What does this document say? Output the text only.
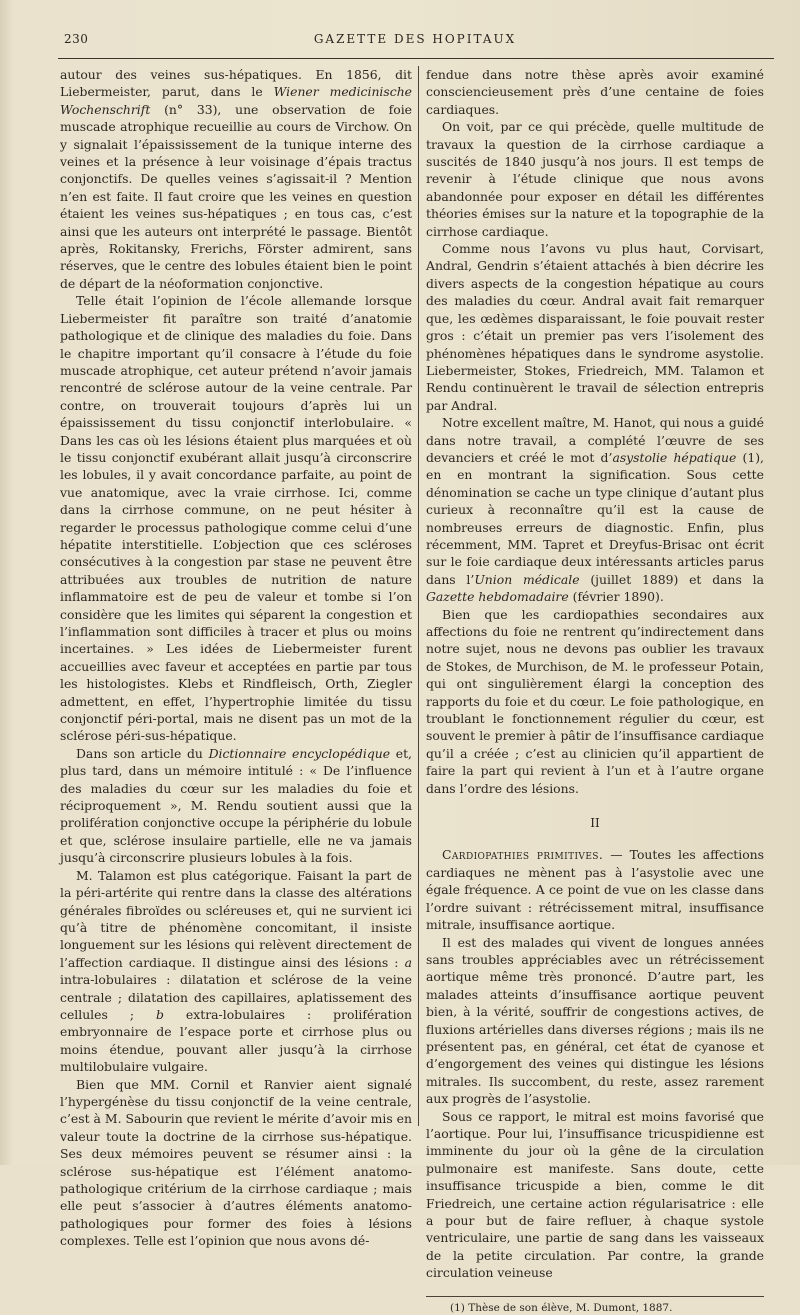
230	GAZETTE DES HOPITAUX

autour des veines sus-hépatiques. En 1856, dit Liebermeister, parut, dans le Wiener medicinische Wochenschrift (n° 33), une observation de foie muscade atrophique recueillie au cours de Virchow. On y signalait l’épaississement de la tunique interne des veines et la présence à leur voisinage d’épais tractus conjonctifs. De quelles veines s’agissait-il ? Mention n’en est faite. Il faut croire que les veines en question étaient les veines sus-hépatiques ; en tous cas, c’est ainsi que les auteurs ont interprété le passage. Bientôt après, Rokitansky, Frerichs, Förster admirent, sans réserves, que le centre des lobules étaient bien le point de départ de la néoformation conjonctive.

Telle était l’opinion de l’école allemande lorsque Liebermeister fit paraître son traité d’anatomie pathologique et de clinique des maladies du foie. Dans le chapitre important qu’il consacre à l’étude du foie muscade atrophique, cet auteur prétend n’avoir jamais rencontré de sclérose autour de la veine centrale. Par contre, on trouverait toujours d’après lui un épaississement du tissu conjonctif interlobulaire. « Dans les cas où les lésions étaient plus marquées et où le tissu conjonctif exubérant allait jusqu’à circonscrire les lobules, il y avait concordance parfaite, au point de vue anatomique, avec la vraie cirrhose. Ici, comme dans la cirrhose commune, on ne peut hésiter à regarder le processus pathologique comme celui d’une hépatite interstitielle. L’objection que ces scléroses consécutives à la congestion par stase ne peuvent être attribuées aux troubles de nutrition de nature inflammatoire est de peu de valeur et tombe si l’on considère que les limites qui séparent la congestion et l’inflammation sont difficiles à tracer et plus ou moins incertaines. » Les idées de Liebermeister furent accueillies avec faveur et acceptées en partie par tous les histologistes. Klebs et Rindfleisch, Orth, Ziegler admettent, en effet, l’hypertrophie limitée du tissu conjonctif péri-portal, mais ne disent pas un mot de la sclérose péri-sus-hépatique.

Dans son article du Dictionnaire encyclopédique et, plus tard, dans un mémoire intitulé : « De l’influence des maladies du cœur sur les maladies du foie et réciproquement », M. Rendu soutient aussi que la prolifération conjonctive occupe la périphérie du lobule et que, sclérose insulaire partielle, elle ne va jamais jusqu’à circonscrire plusieurs lobules à la fois.

M. Talamon est plus catégorique. Faisant la part de la péri-artérite qui rentre dans la classe des altérations générales fibroïdes ou scléreuses et, qui ne survient ici qu’à titre de phénomène concomitant, il insiste longuement sur les lésions qui relèvent directement de l’affection cardiaque. Il distingue ainsi des lésions : a intra-lobulaires : dilatation et sclérose de la veine centrale ; dilatation des capillaires, aplatissement des cellules ; b extra-lobulaires : prolifération embryonnaire de l’espace porte et cirrhose plus ou moins étendue, pouvant aller jusqu’à la cirrhose multilobulaire vulgaire.

Bien que MM. Cornil et Ranvier aient signalé l’hypergénèse du tissu conjonctif de la veine centrale, c’est à M. Sabourin que revient le mérite d’avoir mis en valeur toute la doctrine de la cirrhose sus-hépatique. Ses deux mémoires peuvent se résumer ainsi : la sclérose sus-hépatique est l’élément anatomo-pathologique critérium de la cirrhose cardiaque ; mais elle peut s’associer à d’autres éléments anatomo-pathologiques pour former des foies à lésions complexes. Telle est l’opinion que nous avons dé-

fendue dans notre thèse après avoir examiné consciencieusement près d’une centaine de foies cardiaques.

On voit, par ce qui précède, quelle multitude de travaux la question de la cirrhose cardiaque a suscités de 1840 jusqu’à nos jours. Il est temps de revenir à l’étude clinique que nous avons abandonnée pour exposer en détail les différentes théories émises sur la nature et la topographie de la cirrhose cardiaque.

Comme nous l’avons vu plus haut, Corvisart, Andral, Gendrin s’étaient attachés à bien décrire les divers aspects de la congestion hépatique au cours des maladies du cœur. Andral avait fait remarquer que, les œdèmes disparaissant, le foie pouvait rester gros : c’était un premier pas vers l’isolement des phénomènes hépatiques dans le syndrome asystolie. Liebermeister, Stokes, Friedreich, MM. Talamon et Rendu continuèrent le travail de sélection entrepris par Andral.

Notre excellent maître, M. Hanot, qui nous a guidé dans notre travail, a complété l’œuvre de ses devanciers et créé le mot d’asystolie hépatique (1), en en montrant la signification. Sous cette dénomination se cache un type clinique d’autant plus curieux à reconnaître qu’il est la cause de nombreuses erreurs de diagnostic. Enfin, plus récemment, MM. Tapret et Dreyfus-Brisac ont écrit sur le foie cardiaque deux intéressants articles parus dans l’Union médicale (juillet 1889) et dans la Gazette hebdomadaire (février 1890).

Bien que les cardiopathies secondaires aux affections du foie ne rentrent qu’indirectement dans notre sujet, nous ne devons pas oublier les travaux de Stokes, de Murchison, de M. le professeur Potain, qui ont singulièrement élargi la conception des rapports du foie et du cœur. Le foie pathologique, en troublant le fonctionnement régulier du cœur, est souvent le premier à pâtir de l’insuffisance cardiaque qu’il a créée ; c’est au clinicien qu’il appartient de faire la part qui revient à l’un et à l’autre organe dans l’ordre des lésions.

II

Cardiopathies primitives. — Toutes les affections cardiaques ne mènent pas à l’asystolie avec une égale fréquence. A ce point de vue on les classe dans l’ordre suivant : rétrécissement mitral, insuffisance mitrale, insuffisance aortique.

Il est des malades qui vivent de longues années sans troubles appréciables avec un rétrécissement aortique même très prononcé. D’autre part, les malades atteints d’insuffisance aortique peuvent bien, à la vérité, souffrir de congestions actives, de fluxions artérielles dans diverses régions ; mais ils ne présentent pas, en général, cet état de cyanose et d’engorgement des veines qui distingue les lésions mitrales. Ils succombent, du reste, assez rarement aux progrès de l’asystolie.

Sous ce rapport, le mitral est moins favorisé que l’aortique. Pour lui, l’insuffisance tricuspidienne est imminente du jour où la gêne de la circulation pulmonaire est manifeste. Sans doute, cette insuffisance tricuspide a bien, comme le dit Friedreich, une certaine action régularisatrice : elle a pour but de faire refluer, à chaque systole ventriculaire, une partie de sang dans les vaisseaux de la petite circulation. Par contre, la grande circulation veineuse

(1) Thèse de son élève, M. Dumont, 1887.
